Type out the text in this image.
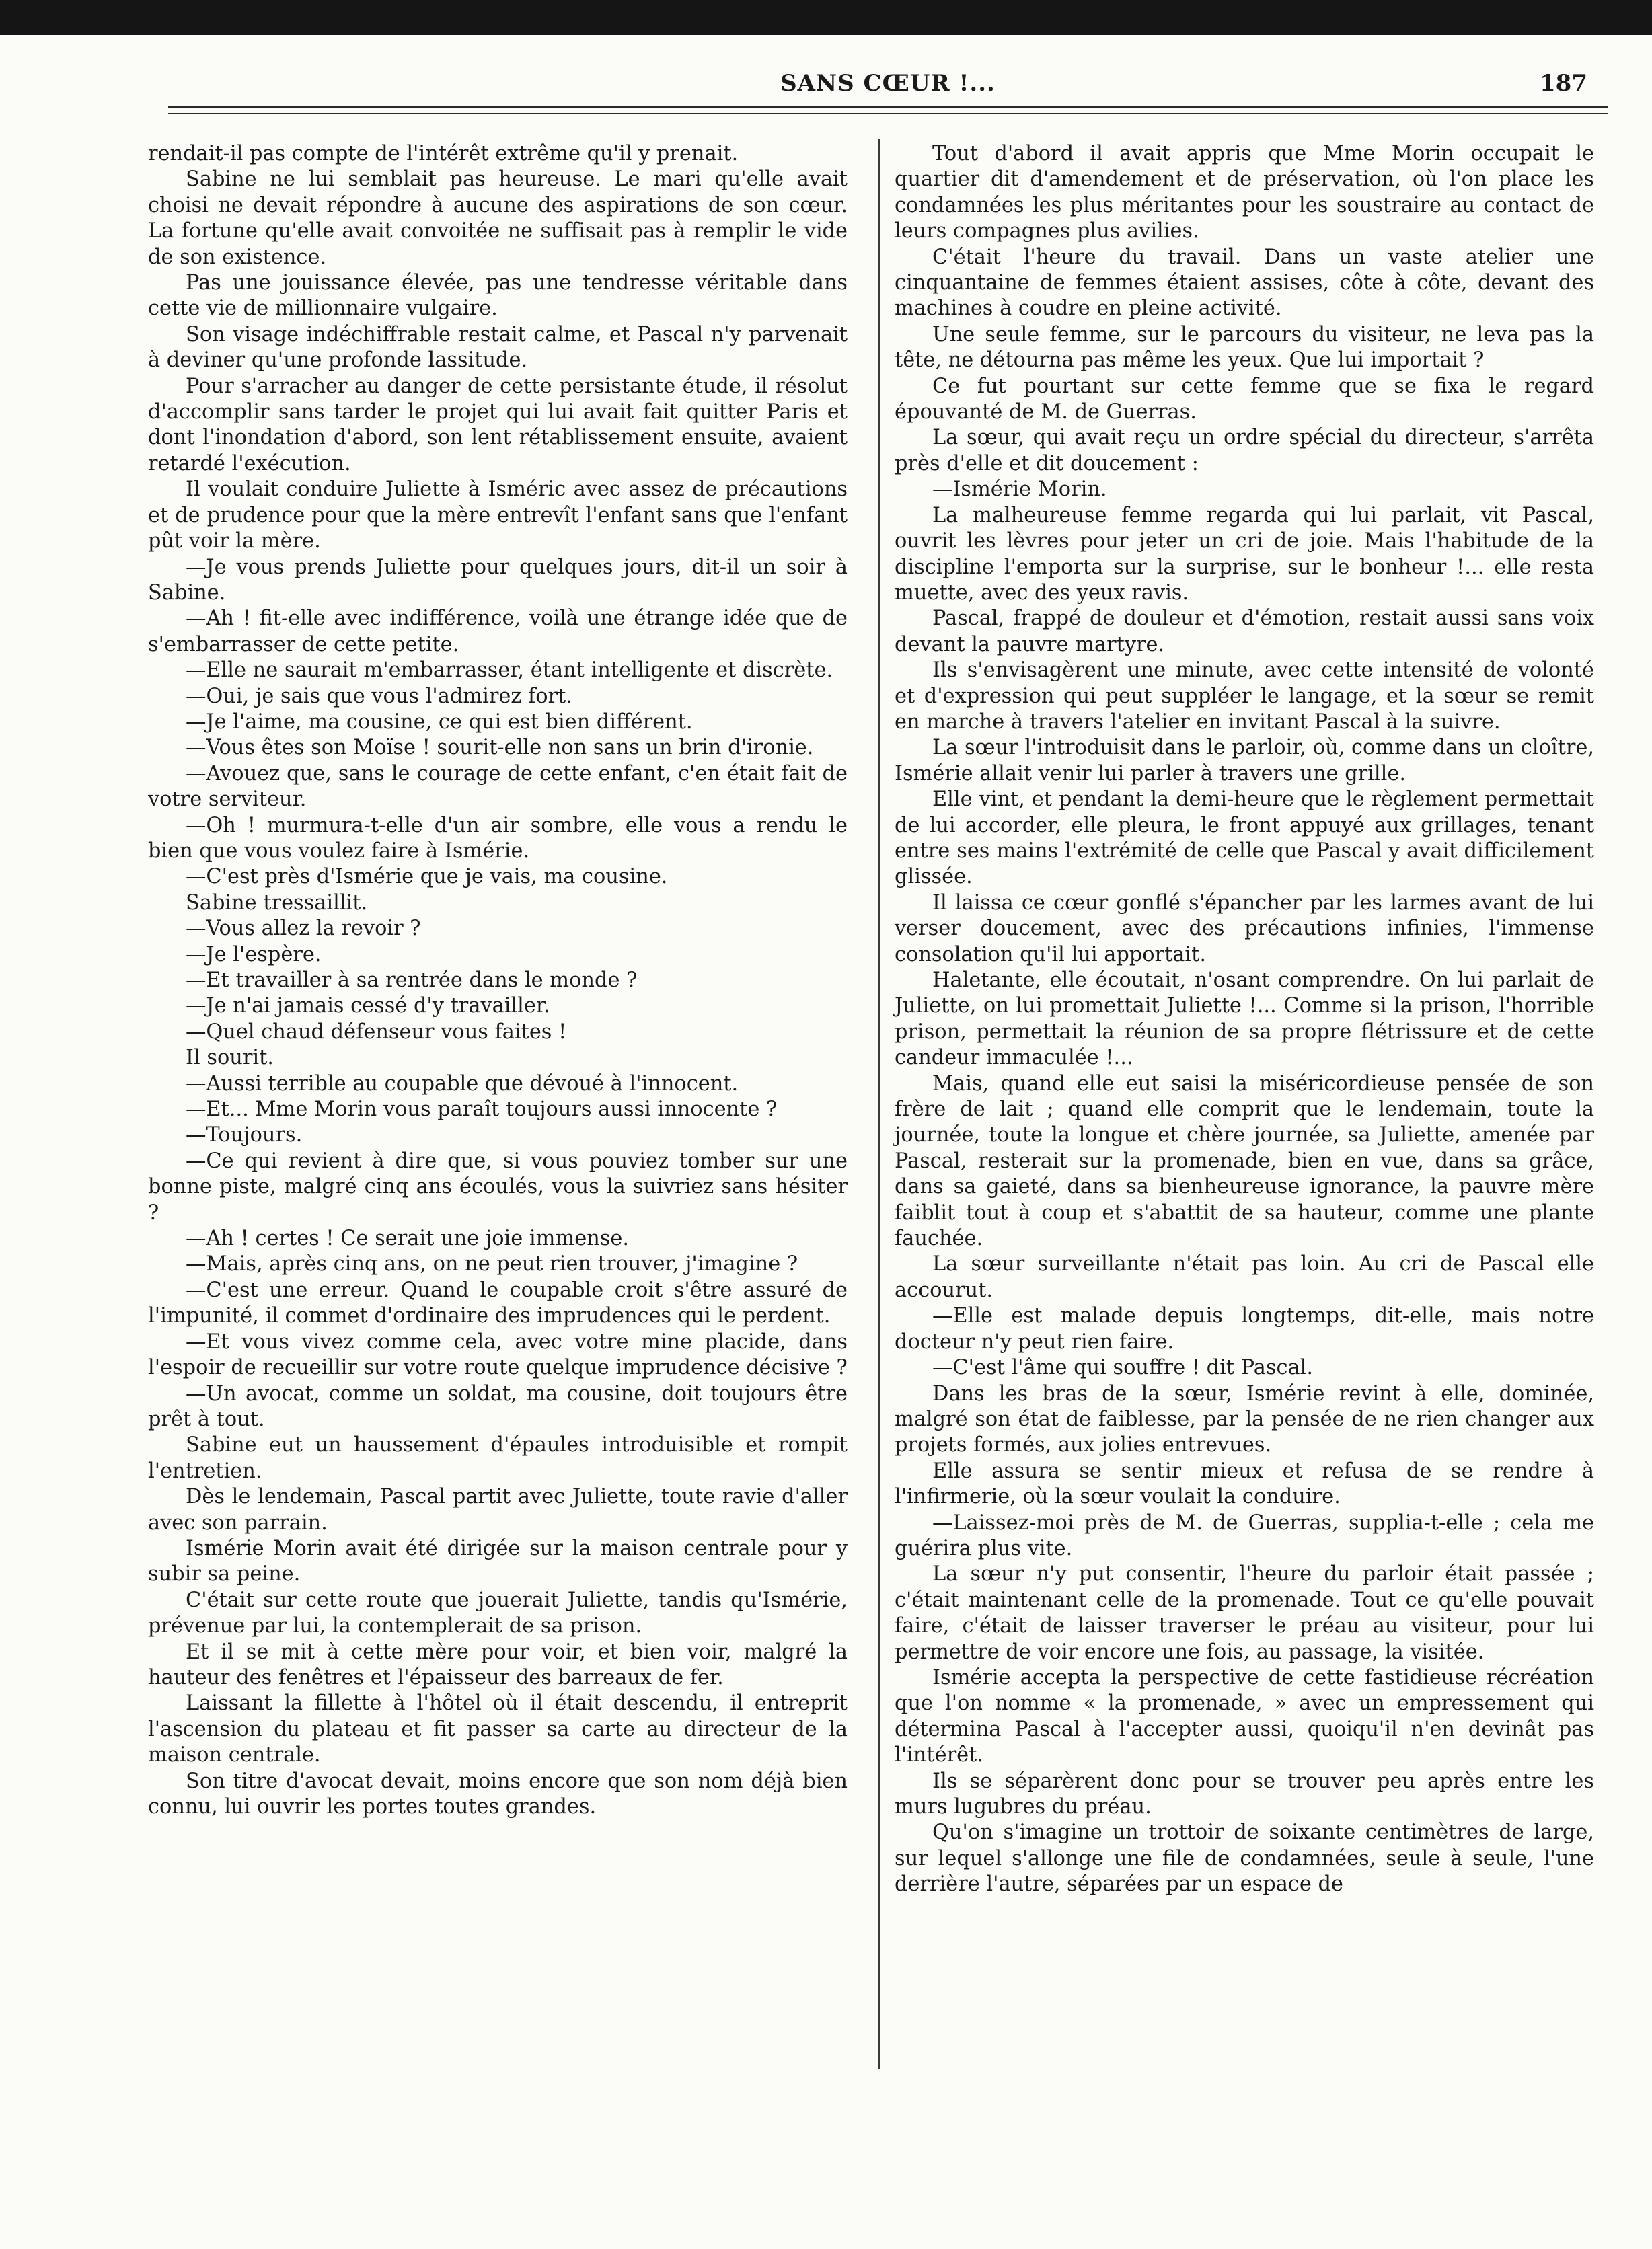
SANS CŒUR !...	187

rendait-il pas compte de l'intérêt extrême qu'il y prenait.

Sabine ne lui semblait pas heureuse. Le mari qu'elle avait choisi ne devait répondre à aucune des aspirations de son cœur. La fortune qu'elle avait convoitée ne suffisait pas à remplir le vide de son existence.

Pas une jouissance élevée, pas une tendresse véritable dans cette vie de millionnaire vulgaire.

Son visage indéchiffrable restait calme, et Pascal n'y parvenait à deviner qu'une profonde lassitude.

Pour s'arracher au danger de cette persistante étude, il résolut d'accomplir sans tarder le projet qui lui avait fait quitter Paris et dont l'inondation d'abord, son lent rétablissement ensuite, avaient retardé l'exécution.

Il voulait conduire Juliette à Isméric avec assez de précautions et de prudence pour que la mère entrevît l'enfant sans que l'enfant pût voir la mère.

—Je vous prends Juliette pour quelques jours, dit-il un soir à Sabine.

—Ah ! fit-elle avec indifférence, voilà une étrange idée que de s'embarrasser de cette petite.

—Elle ne saurait m'embarrasser, étant intelligente et discrète.

—Oui, je sais que vous l'admirez fort.

—Je l'aime, ma cousine, ce qui est bien différent.

—Vous êtes son Moïse ! sourit-elle non sans un brin d'ironie.

—Avouez que, sans le courage de cette enfant, c'en était fait de votre serviteur.

—Oh ! murmura-t-elle d'un air sombre, elle vous a rendu le bien que vous voulez faire à Ismérie.

—C'est près d'Ismérie que je vais, ma cousine.

Sabine tressaillit.

—Vous allez la revoir ?

—Je l'espère.

—Et travailler à sa rentrée dans le monde ?

—Je n'ai jamais cessé d'y travailler.

—Quel chaud défenseur vous faites !

Il sourit.

—Aussi terrible au coupable que dévoué à l'innocent.

—Et... Mme Morin vous paraît toujours aussi innocente ?

—Toujours.

—Ce qui revient à dire que, si vous pouviez tomber sur une bonne piste, malgré cinq ans écoulés, vous la suivriez sans hésiter ?

—Ah ! certes ! Ce serait une joie immense.

—Mais, après cinq ans, on ne peut rien trouver, j'imagine ?

—C'est une erreur. Quand le coupable croit s'être assuré de l'impunité, il commet d'ordinaire des imprudences qui le perdent.

—Et vous vivez comme cela, avec votre mine placide, dans l'espoir de recueillir sur votre route quelque imprudence décisive ?

—Un avocat, comme un soldat, ma cousine, doit toujours être prêt à tout.

Sabine eut un haussement d'épaules introduisible et rompit l'entretien.

Dès le lendemain, Pascal partit avec Juliette, toute ravie d'aller avec son parrain.

Ismérie Morin avait été dirigée sur la maison centrale pour y subir sa peine.

C'était sur cette route que jouerait Juliette, tandis qu'Ismérie, prévenue par lui, la contemplerait de sa prison.

Et il se mit à cette mère pour voir, et bien voir, malgré la hauteur des fenêtres et l'épaisseur des barreaux de fer.

Laissant la fillette à l'hôtel où il était descendu, il entreprit l'ascension du plateau et fit passer sa carte au directeur de la maison centrale.

Son titre d'avocat devait, moins encore que son nom déjà bien connu, lui ouvrir les portes toutes grandes.

Tout d'abord il avait appris que Mme Morin occupait le quartier dit d'amendement et de préservation, où l'on place les condamnées les plus méritantes pour les soustraire au contact de leurs compagnes plus avilies.

C'était l'heure du travail. Dans un vaste atelier une cinquantaine de femmes étaient assises, côte à côte, devant des machines à coudre en pleine activité.

Une seule femme, sur le parcours du visiteur, ne leva pas la tête, ne détourna pas même les yeux. Que lui importait ?

Ce fut pourtant sur cette femme que se fixa le regard épouvanté de M. de Guerras.

La sœur, qui avait reçu un ordre spécial du directeur, s'arrêta près d'elle et dit doucement :

—Ismérie Morin.

La malheureuse femme regarda qui lui parlait, vit Pascal, ouvrit les lèvres pour jeter un cri de joie. Mais l'habitude de la discipline l'emporta sur la surprise, sur le bonheur !... elle resta muette, avec des yeux ravis.

Pascal, frappé de douleur et d'émotion, restait aussi sans voix devant la pauvre martyre.

Ils s'envisagèrent une minute, avec cette intensité de volonté et d'expression qui peut suppléer le langage, et la sœur se remit en marche à travers l'atelier en invitant Pascal à la suivre.

La sœur l'introduisit dans le parloir, où, comme dans un cloître, Ismérie allait venir lui parler à travers une grille.

Elle vint, et pendant la demi-heure que le règlement permettait de lui accorder, elle pleura, le front appuyé aux grillages, tenant entre ses mains l'extrémité de celle que Pascal y avait difficilement glissée.

Il laissa ce cœur gonflé s'épancher par les larmes avant de lui verser doucement, avec des précautions infinies, l'immense consolation qu'il lui apportait.

Haletante, elle écoutait, n'osant comprendre. On lui parlait de Juliette, on lui promettait Juliette !... Comme si la prison, l'horrible prison, permettait la réunion de sa propre flétrissure et de cette candeur immaculée !...

Mais, quand elle eut saisi la miséricordieuse pensée de son frère de lait ; quand elle comprit que le lendemain, toute la journée, toute la longue et chère journée, sa Juliette, amenée par Pascal, resterait sur la promenade, bien en vue, dans sa grâce, dans sa gaieté, dans sa bienheureuse ignorance, la pauvre mère faiblit tout à coup et s'abattit de sa hauteur, comme une plante fauchée.

La sœur surveillante n'était pas loin. Au cri de Pascal elle accourut.

—Elle est malade depuis longtemps, dit-elle, mais notre docteur n'y peut rien faire.

—C'est l'âme qui souffre ! dit Pascal.

Dans les bras de la sœur, Ismérie revint à elle, dominée, malgré son état de faiblesse, par la pensée de ne rien changer aux projets formés, aux jolies entrevues.

Elle assura se sentir mieux et refusa de se rendre à l'infirmerie, où la sœur voulait la conduire.

—Laissez-moi près de M. de Guerras, supplia-t-elle ; cela me guérira plus vite.

La sœur n'y put consentir, l'heure du parloir était passée ; c'était maintenant celle de la promenade. Tout ce qu'elle pouvait faire, c'était de laisser traverser le préau au visiteur, pour lui permettre de voir encore une fois, au passage, la visitée.

Ismérie accepta la perspective de cette fastidieuse récréation que l'on nomme « la promenade, » avec un empressement qui détermina Pascal à l'accepter aussi, quoiqu'il n'en devinât pas l'intérêt.

Ils se séparèrent donc pour se trouver peu après entre les murs lugubres du préau.

Qu'on s'imagine un trottoir de soixante centimètres de large, sur lequel s'allonge une file de condamnées, seule à seule, l'une derrière l'autre, séparées par un espace de
